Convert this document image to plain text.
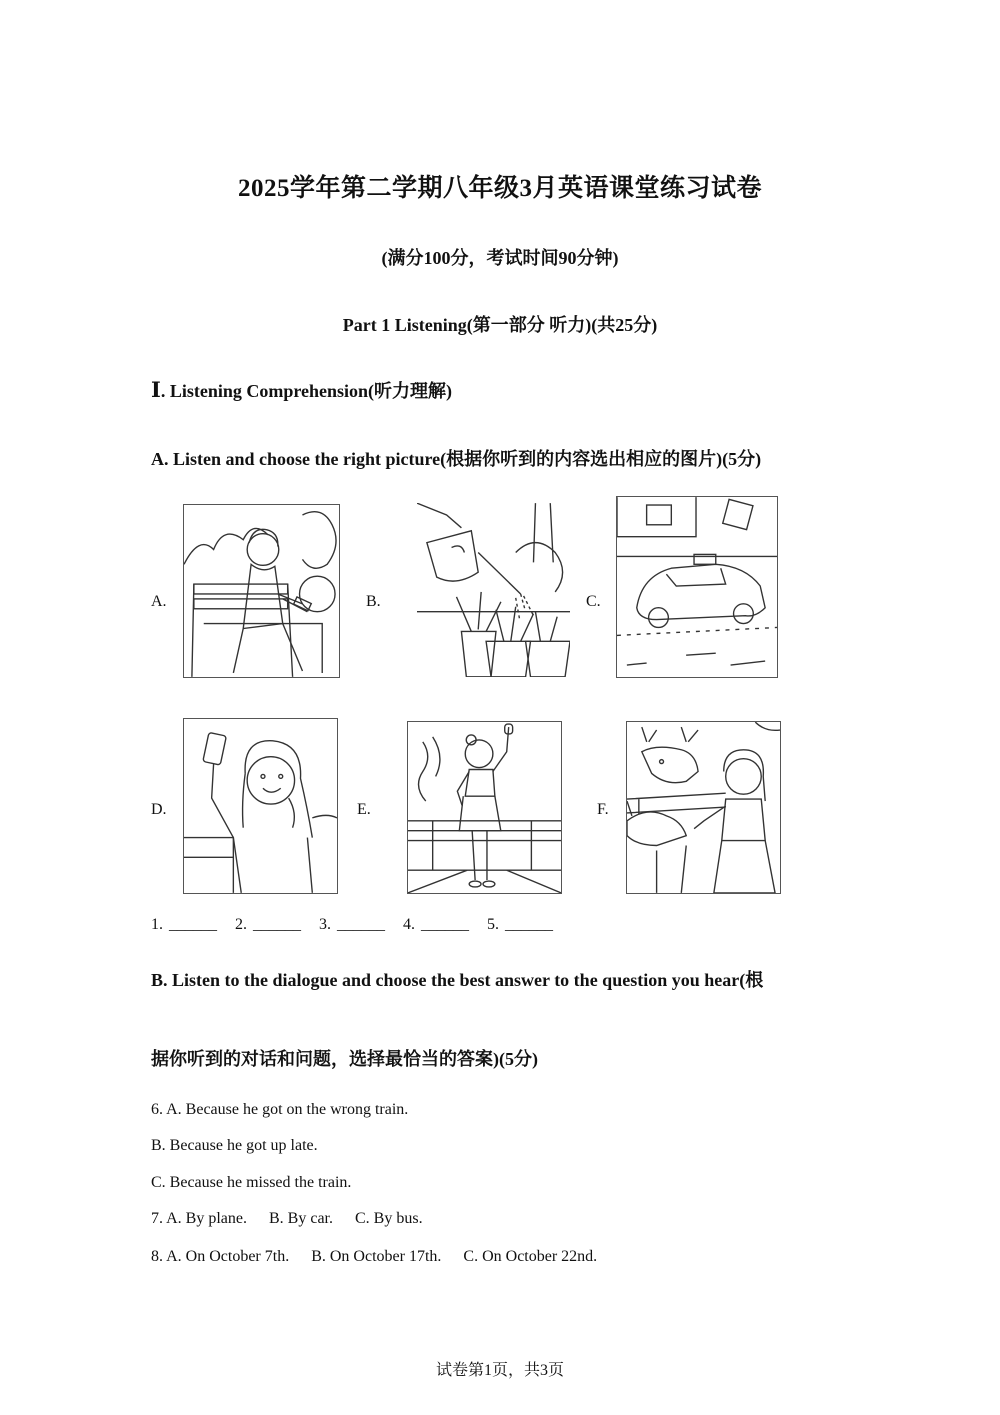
2025学年第二学期八年级3月英语课堂练习试卷
(满分100分，考试时间90分钟)
Part 1 Listening(第一部分 听力)(共25分)
Ⅰ. Listening Comprehension(听力理解)
A. Listen and choose the right picture(根据你听到的内容选出相应的图片)(5分)
A.	B.	C.
D.	E.	F.
1. ______ 2. ______ 3. ______ 4. ______ 5. ______
B. Listen to the dialogue and choose the best answer to the question you hear(根
据你听到的对话和问题，选择最恰当的答案)(5分)
6. A. Because he got on the wrong train.
B. Because he got up late.
C. Because he missed the train.
7. A. By plane. B. By car. C. By bus.
8. A. On October 7th. B. On October 17th. C. On October 22nd.
试卷第1页，共3页
